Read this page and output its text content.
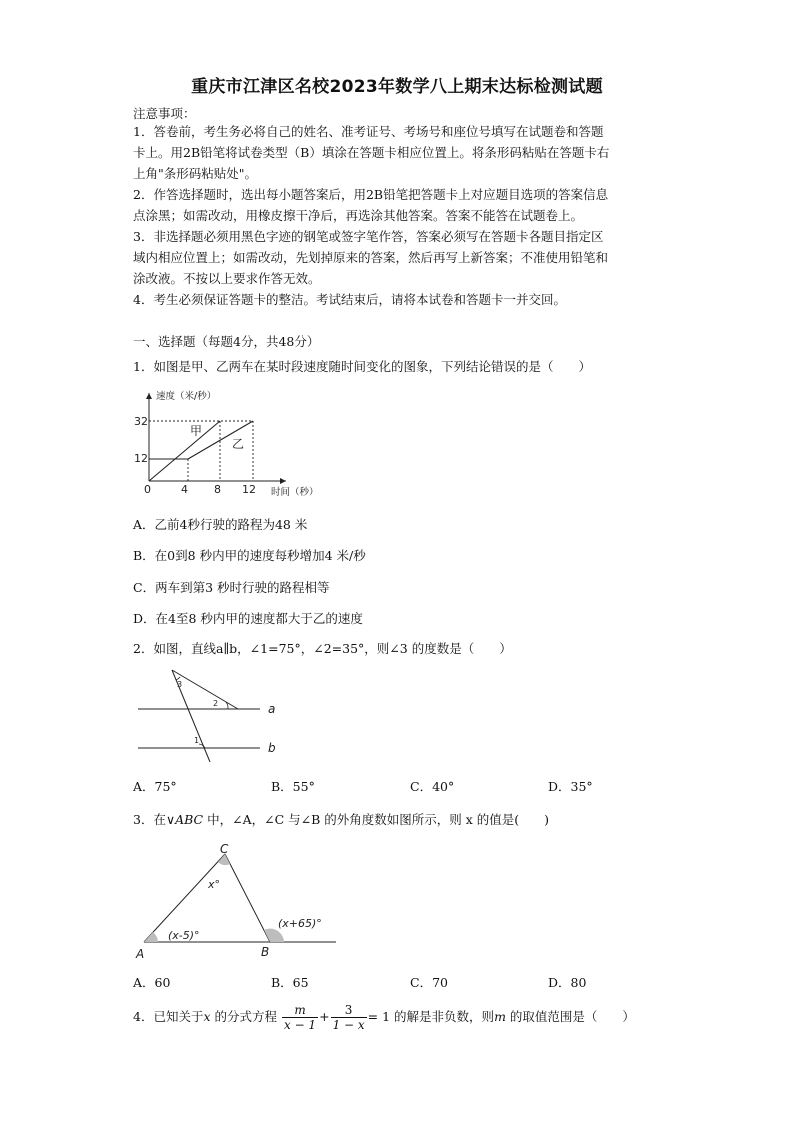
重庆市江津区名校2023年数学八上期末达标检测试题
注意事项：
1．答卷前，考生务必将自己的姓名、准考证号、考场号和座位号填写在试题卷和答题
卡上。用2B铅笔将试卷类型（B）填涂在答题卡相应位置上。将条形码粘贴在答题卡右
上角"条形码粘贴处"。
2．作答选择题时，选出每小题答案后，用2B铅笔把答题卡上对应题目选项的答案信息
点涂黑；如需改动，用橡皮擦干净后，再选涂其他答案。答案不能答在试题卷上。
3．非选择题必须用黑色字迹的钢笔或签字笔作答，答案必须写在答题卡各题目指定区
域内相应位置上；如需改动，先划掉原来的答案，然后再写上新答案；不准使用铅笔和
涂改液。不按以上要求作答无效。
4．考生必须保证答题卡的整洁。考试结束后，请将本试卷和答题卡一并交回。
一、选择题（每题4分，共48分）
1．如图是甲、乙两车在某时段速度随时间变化的图象，下列结论错误的是（　　）
速度（米/秒）
时间（秒）
32
12
0	4 8 12
甲
乙
A．乙前4秒行驶的路程为48 米
B．在0到8 秒内甲的速度每秒增加4 米/秒
C．两车到第3 秒时行驶的路程相等
D．在4至8 秒内甲的速度都大于乙的速度
2．如图，直线a∥b，∠1=75°，∠2=35°，则∠3 的度数是（　　）
3
2
1
a
b
A．75°	B．55°	C．40°	D．35°
3．在∨ABC 中，∠A，∠C 与∠B 的外角度数如图所示，则 x 的值是(　　)
C
A	B
x°
(x-5)°
(x+65)°
A．60	B．65	C．70	D．80
4．已知关于x 的分式方程 $\frac{m}{x - 1} + \frac{3}{1 - x} = 1$ 的解是非负数，则m 的取值范围是（　　）
